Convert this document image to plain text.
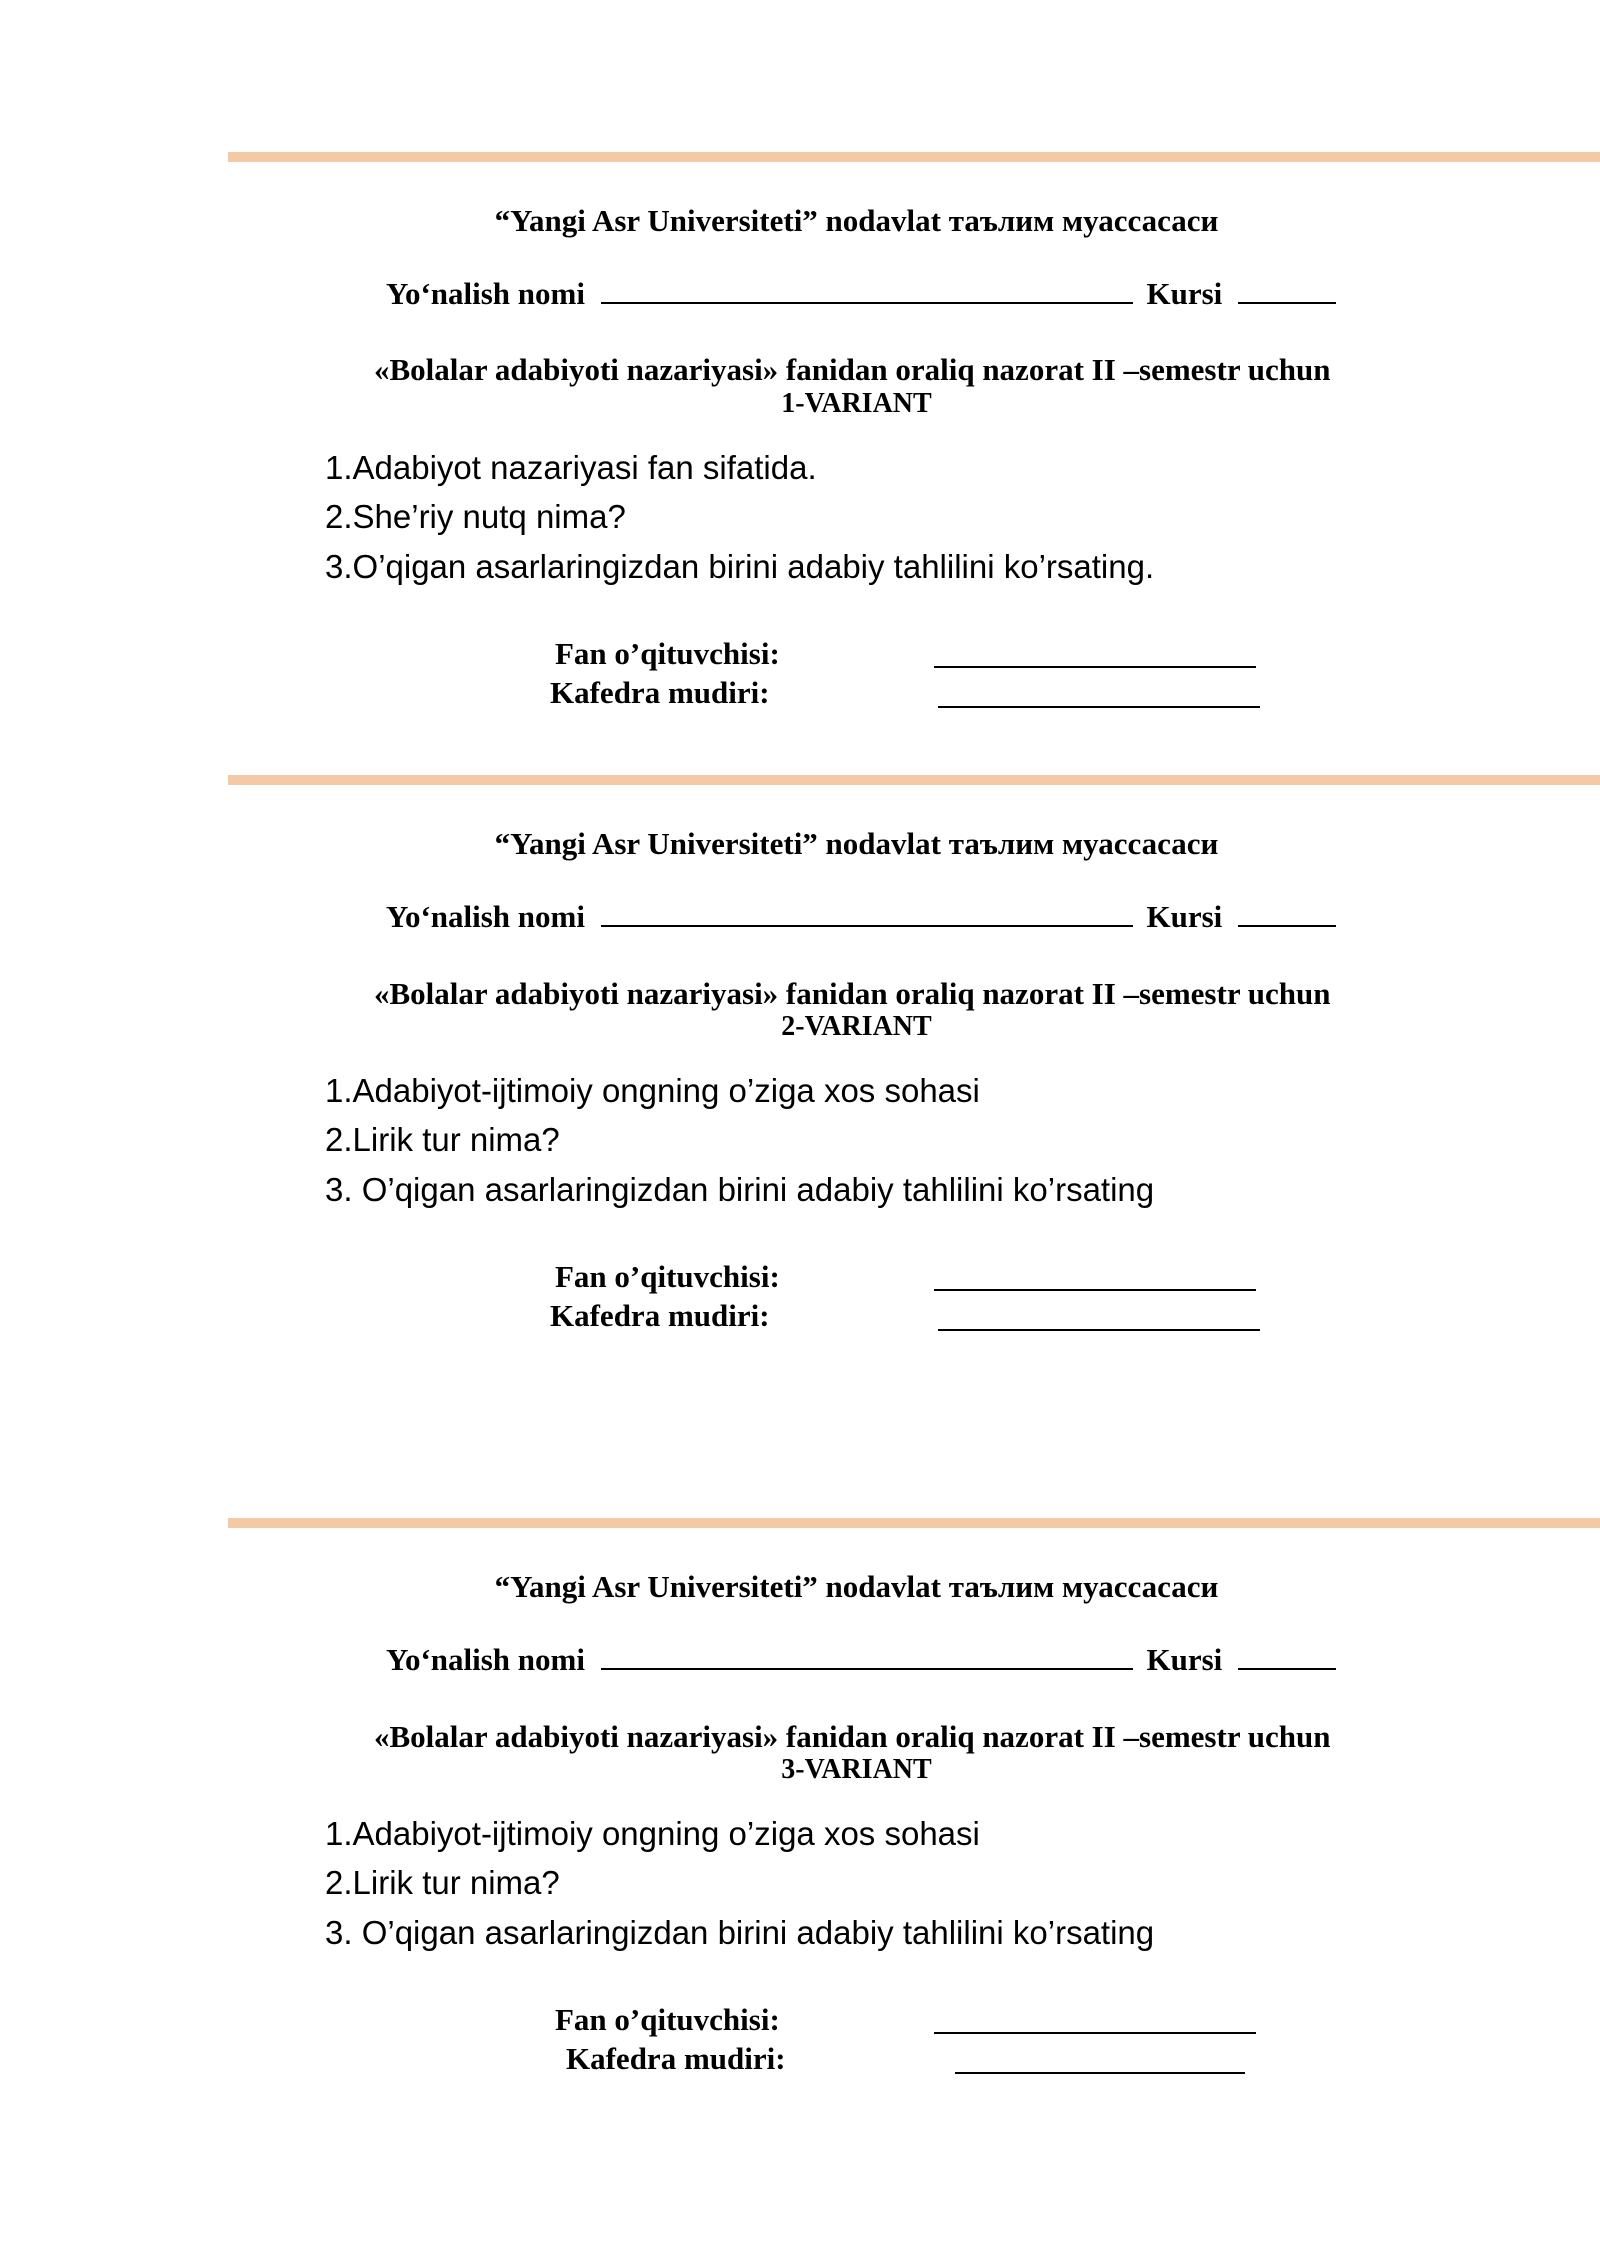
“Yangi Asr Universiteti” nodavlat таълим муассасаси
Yo‘nalish nomi	Kursi
«Bolalar adabiyoti nazariyasi» fanidan oraliq nazorat II –semestr uchun
1-VARIANT
1.Adabiyot nazariyasi fan sifatida.
2.She’riy nutq nima?
3.O’qigan asarlaringizdan birini adabiy tahlilini ko’rsating.
Fan o’qituvchisi:
Kafedra mudiri:
“Yangi Asr Universiteti” nodavlat таълим муассасаси
Yo‘nalish nomi	Kursi
«Bolalar adabiyoti nazariyasi» fanidan oraliq nazorat II –semestr uchun
2-VARIANT
1.Adabiyot-ijtimoiy ongning o’ziga xos sohasi
2.Lirik tur nima?
3. O’qigan asarlaringizdan birini adabiy tahlilini ko’rsating
Fan o’qituvchisi:
Kafedra mudiri:
“Yangi Asr Universiteti” nodavlat таълим муассасаси
Yo‘nalish nomi	Kursi
«Bolalar adabiyoti nazariyasi» fanidan oraliq nazorat II –semestr uchun
3-VARIANT
1.Adabiyot-ijtimoiy ongning o’ziga xos sohasi
2.Lirik tur nima?
3. O’qigan asarlaringizdan birini adabiy tahlilini ko’rsating
Fan o’qituvchisi:
Kafedra mudiri:
